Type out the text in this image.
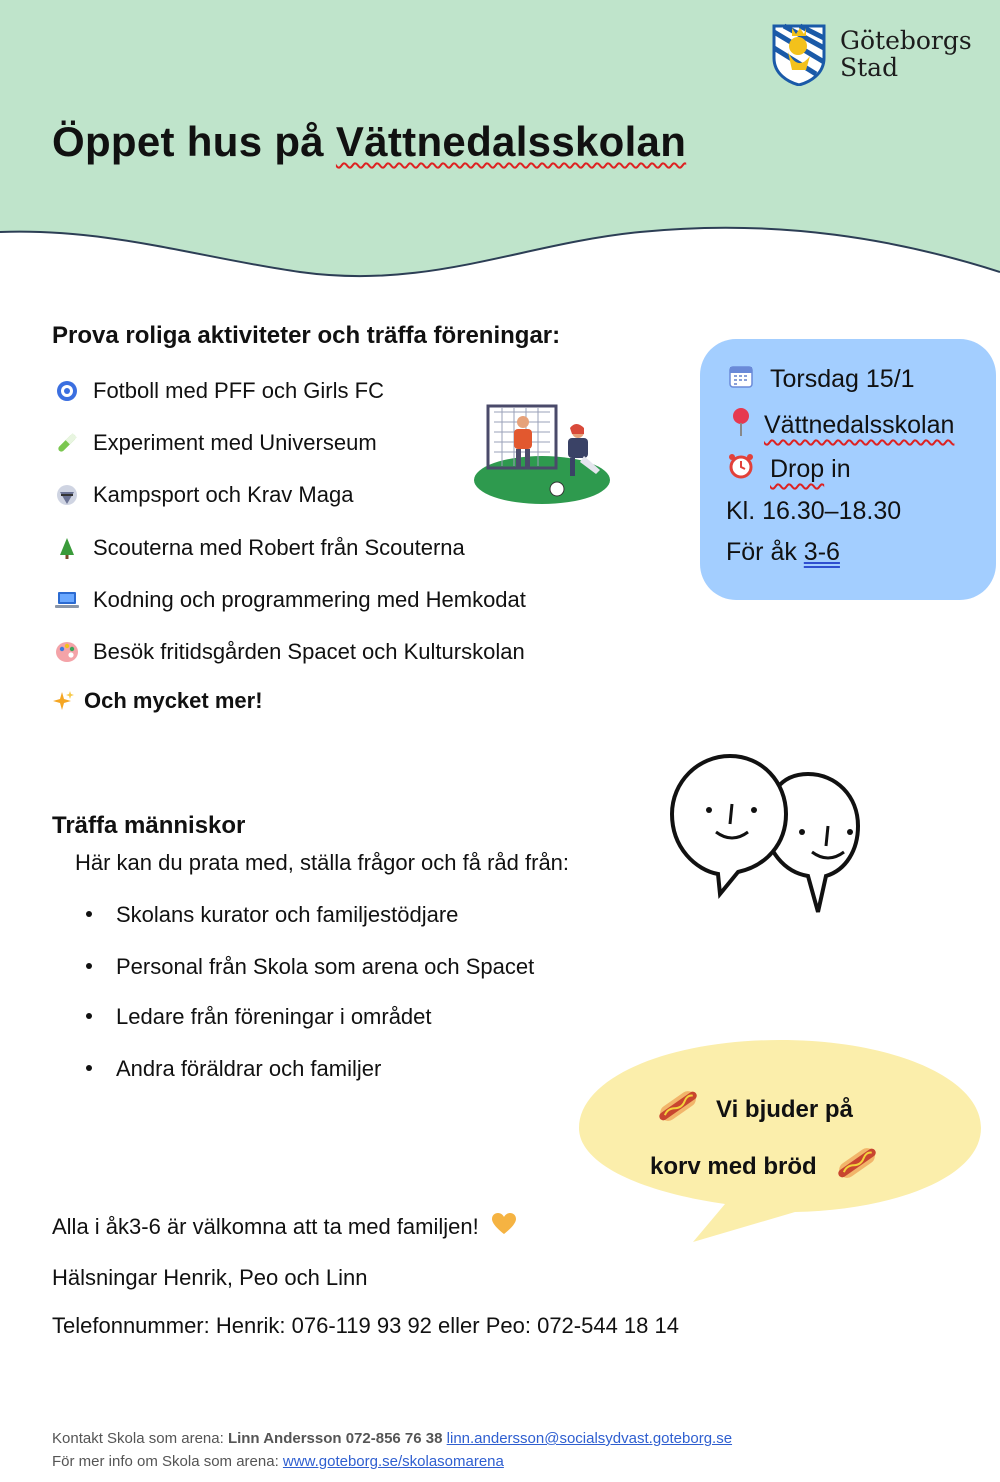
Göteborgs
Stad
Öppet hus på Vättnedalsskolan
Prova roliga aktiviteter och träffa föreningar:
Fotboll med PFF och Girls FC
Experiment med Universeum
Kampsport och Krav Maga
Scouterna med Robert från Scouterna
Kodning och programmering med Hemkodat
Besök fritidsgården Spacet och Kulturskolan
Och mycket mer!
Torsdag 15/1
Vättnedalsskolan
Drop in
Kl. 16.30–18.30
För åk 3-6
Träffa människor
Här kan du prata med, ställa frågor och få råd från:
Skolans kurator och familjestödjare
Personal från Skola som arena och Spacet
Ledare från föreningar i området
Andra föräldrar och familjer
Vi bjuder på
korv med bröd
Alla i åk3-6 är välkomna att ta med familjen!
Hälsningar Henrik, Peo och Linn
Telefonnummer: Henrik: 076-119 93 92 eller Peo: 072-544 18 14
Kontakt Skola som arena: Linn Andersson 072-856 76 38 linn.andersson@socialsydvast.goteborg.se
För mer info om Skola som arena: www.goteborg.se/skolasomarena
